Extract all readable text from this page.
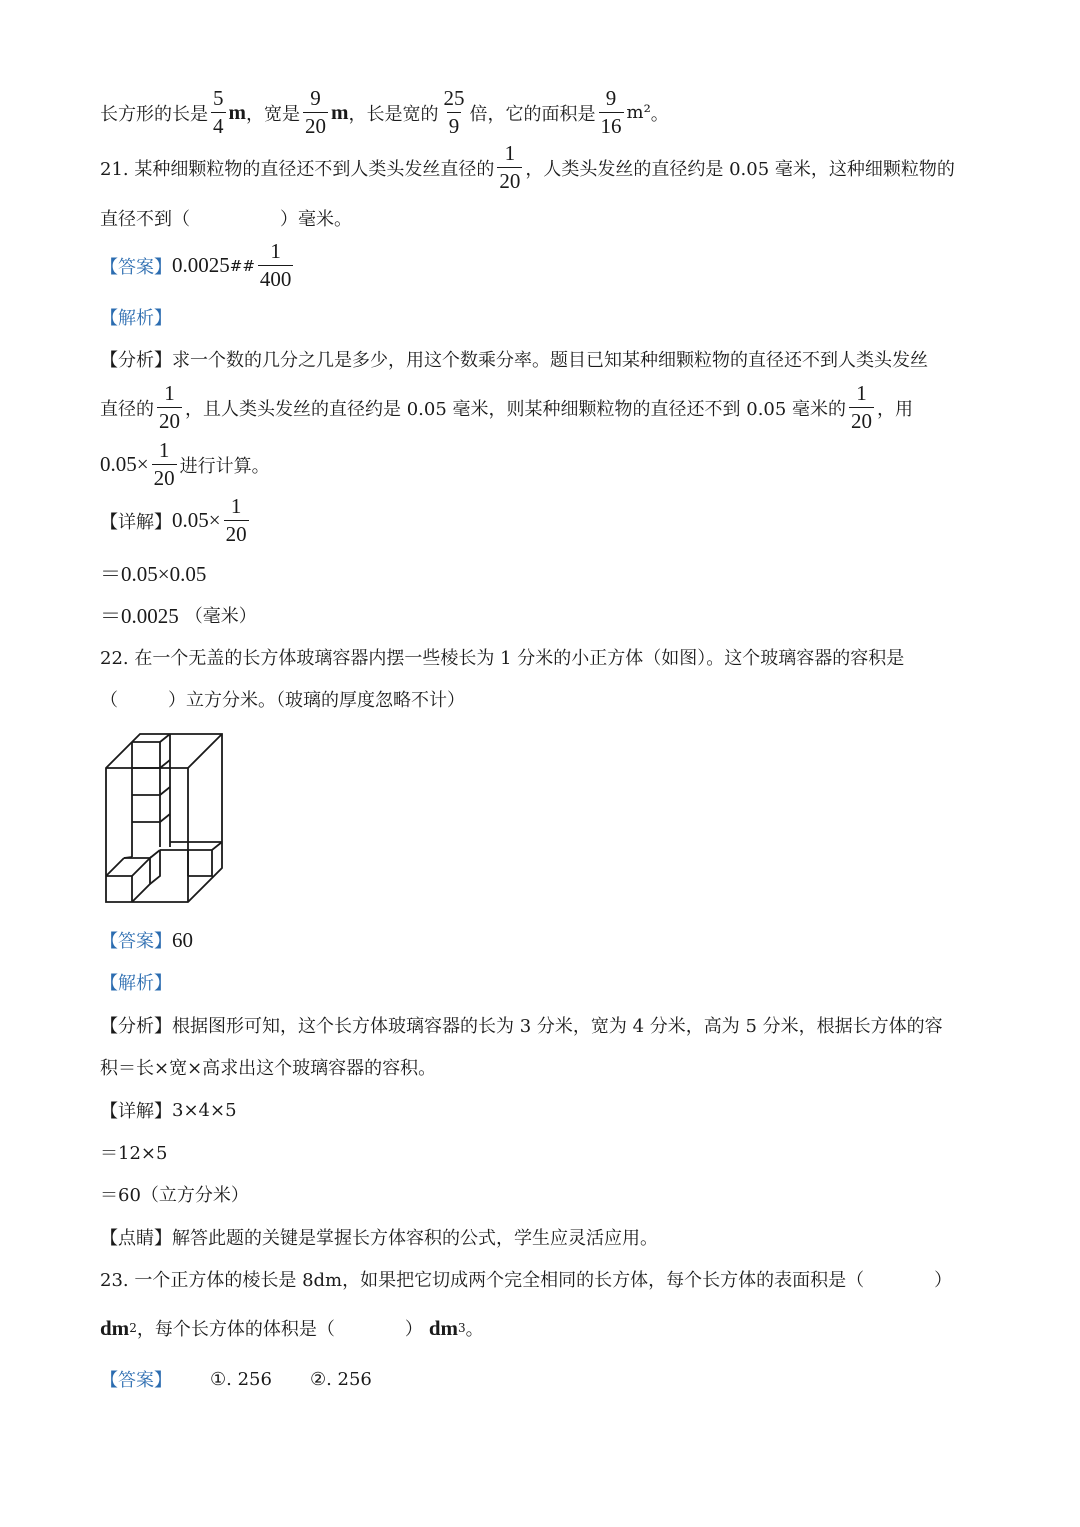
长方形的长是 $\frac{5}{4}$ m ，宽是 $\frac{9}{20}$ m ，长是宽的 $\frac{25}{9}$ 倍，它的面积是 $\frac{9}{16} m^2$ 。
21. 某种细颗粒物的直径还不到人类头发丝直径的 $\frac{1}{20}$ ，人类头发丝的直径约是 0.05 毫米，这种细颗粒物的
直径不到（	）毫米。
【答案】 0.0025 ## $\frac{1}{400}$
【解析】
【分析】 求一个数的几分之几是多少，用这个数乘分率。题目已知某种细颗粒物的直径还不到人类头发丝
直径的 $\frac{1}{20}$ ，且人类头发丝的直径约是 0.05 毫米，则某种细颗粒物的直径还不到 0.05 毫米的 $\frac{1}{20}$ ，用
$0.05\times \frac{1}{20}$ 进行计算。
【详解】 $0.05\times \frac{1}{20}$
＝0.05×0.05
＝0.0025 （毫米）
22. 在一个无盖的长方体玻璃容器内摆一些棱长为 1 分米的小正方体（如图）。这个玻璃容器的容积是
（	）立方分米。（玻璃的厚度忽略不计）
【答案】 60
【解析】
【分析】 根据图形可知，这个长方体玻璃容器的长为 3 分米，宽为 4 分米，高为 5 分米，根据长方体的容
积＝长×宽×高求出这个玻璃容器的容积。
【详解】 3×4×5
＝12×5
＝60（立方分米）
【点睛】 解答此题的关键是掌握长方体容积的公式，学生应灵活应用。
23. 一个正方体的棱长是 8dm，如果把它切成两个完全相同的长方体，每个长方体的表面积是（	）
dm 2 ，每个长方体的体积是（	） dm 3 。
【答案】 ①. 256 ②. 256
